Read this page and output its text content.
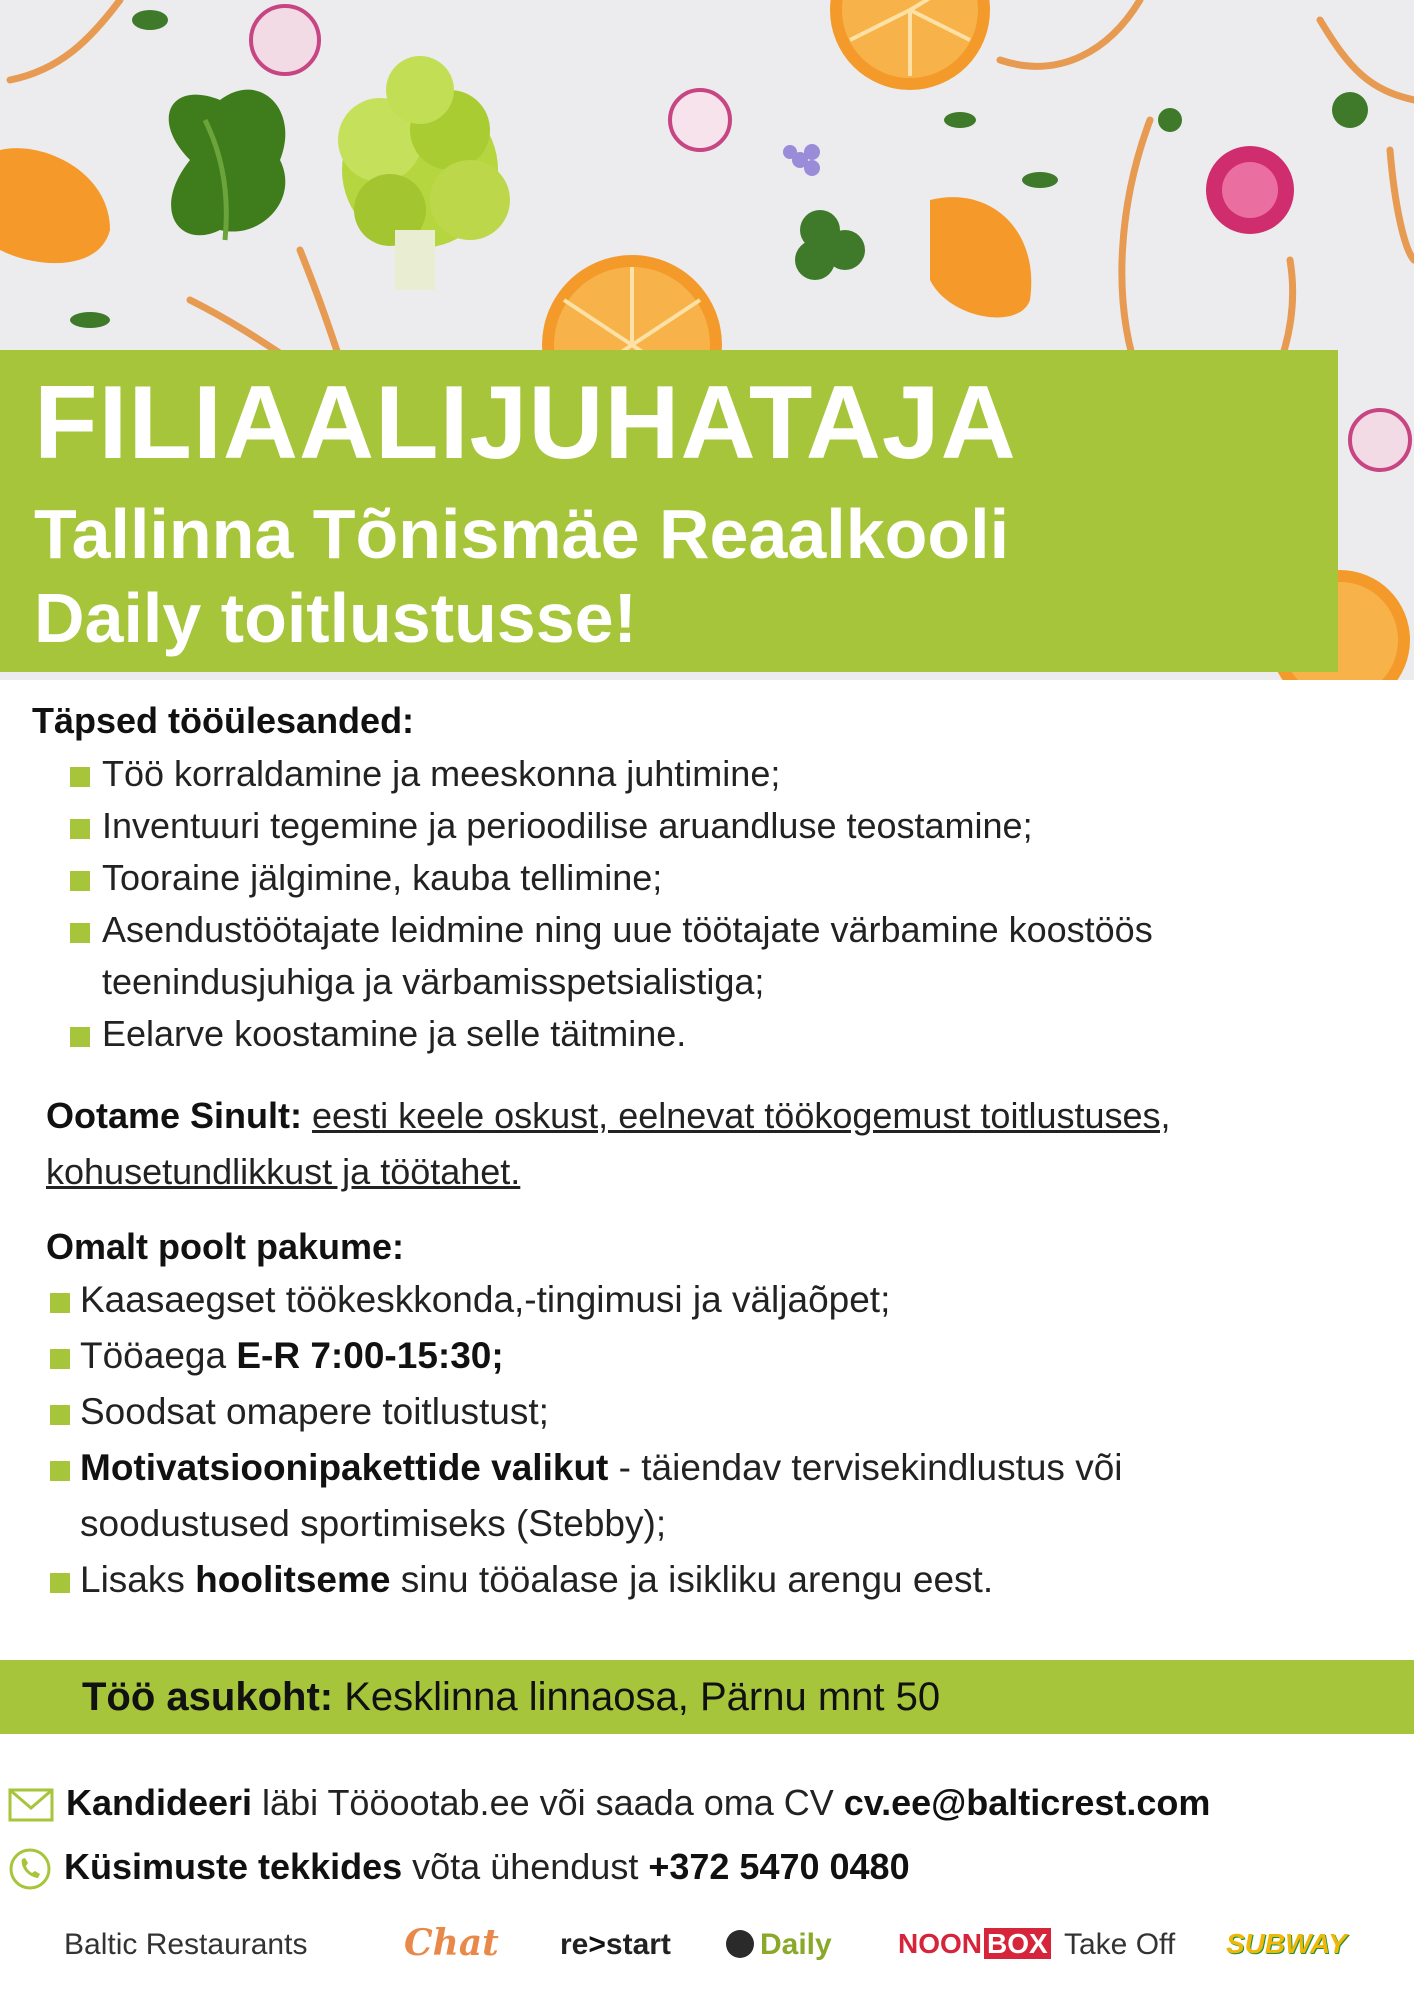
FILIAALIJUHATAJA
Tallinna Tõnismäe Reaalkooli
Daily toitlustusse!
Täpsed tööülesanded:
Töö korraldamine ja meeskonna juhtimine;
Inventuuri tegemine ja perioodilise aruandluse teostamine;
Tooraine jälgimine, kauba tellimine;
Asendustöötajate leidmine ning uue töötajate värbamine koostöös teenindusjuhiga ja värbamisspetsialistiga;
Eelarve koostamine ja selle täitmine.
Ootame Sinult: eesti keele oskust, eelnevat töökogemust toitlustuses, kohusetundlikkust ja töötahet.
Omalt poolt pakume:
Kaasaegset töökeskkonda,-tingimusi ja väljaõpet;
Tööaega E-R 7:00-15:30;
Soodsat omapere toitlustust;
Motivatsioonipakettide valikut - täiendav tervisekindlustus või soodustused sportimiseks (Stebby);
Lisaks hoolitseme sinu tööalase ja isikliku arengu eest.
Töö asukoht: Kesklinna linnaosa, Pärnu mnt 50
Kandideeri läbi Tööootab.ee või saada oma CV cv.ee@balticrest.com
Küsimuste tekkides võta ühendust +372 5470 0480
Baltic Restaurants	Chat re>start	Daily NOON BOX Take Off SUBWAY
